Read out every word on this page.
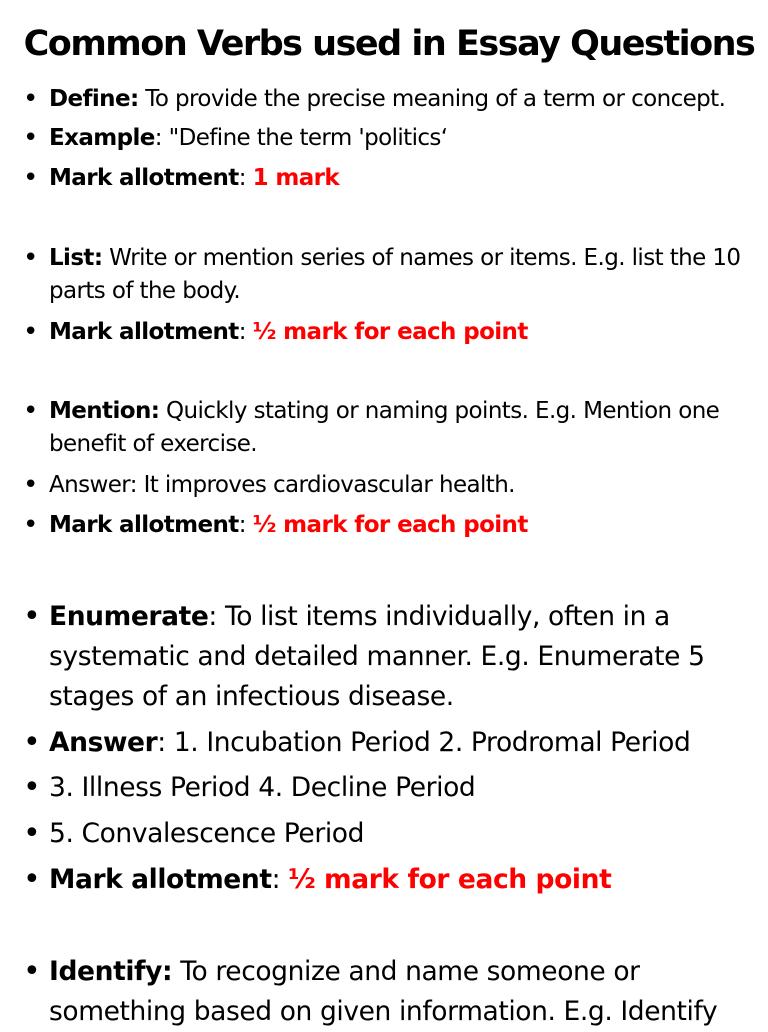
Common Verbs used in Essay Questions
• Define: To provide the precise meaning of a term or concept.
• Example: "Define the term 'politics‘
• Mark allotment: 1 mark
• List: Write or mention series of names or items. E.g. list the 10 parts of the body.
• Mark allotment: ½ mark for each point
• Mention: Quickly stating or naming points. E.g. Mention one benefit of exercise.
• Answer: It improves cardiovascular health.
• Mark allotment: ½ mark for each point
• Enumerate: To list items individually, often in a systematic and detailed manner. E.g. Enumerate 5 stages of an infectious disease.
• Answer: 1. Incubation Period 2. Prodromal Period
• 3. Illness Period 4. Decline Period
• 5. Convalescence Period
• Mark allotment: ½ mark for each point
• Identify: To recognize and name someone or something based on given information. E.g. Identify
